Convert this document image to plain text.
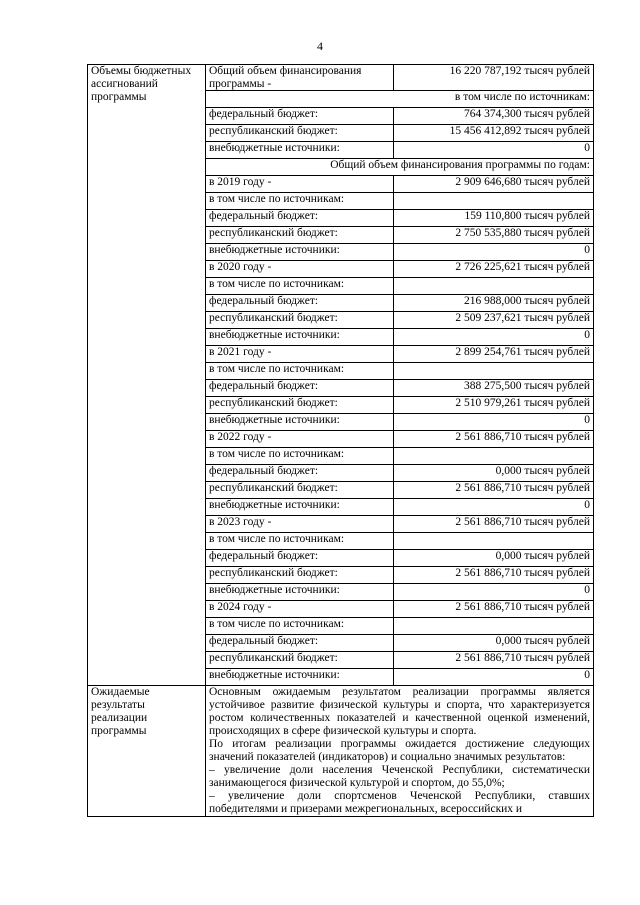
4
Объемы бюджетных ассигнований программы	Общий объем финансирования программы -	16 220 787,192 тысяч рублей
	в том числе по источникам:	
	федеральный бюджет:	764 374,300 тысяч рублей
	республиканский бюджет:	15 456 412,892 тысяч рублей
	внебюджетные источники:	0
	Общий объем финансирования программы по годам:	
	в 2019 году -	2 909 646,680 тысяч рублей
	в том числе по источникам:	
	федеральный бюджет:	159 110,800 тысяч рублей
	республиканский бюджет:	2 750 535,880 тысяч рублей
	внебюджетные источники:	0
	в 2020 году -	2 726 225,621 тысяч рублей
	в том числе по источникам:	
	федеральный бюджет:	216 988,000 тысяч рублей
	республиканский бюджет:	2 509 237,621 тысяч рублей
	внебюджетные источники:	0
	в 2021 году -	2 899 254,761 тысяч рублей
	в том числе по источникам:	
	федеральный бюджет:	388 275,500 тысяч рублей
	республиканский бюджет:	2 510 979,261 тысяч рублей
	внебюджетные источники:	0
	в 2022 году -	2 561 886,710 тысяч рублей
	в том числе по источникам:	
	федеральный бюджет:	0,000 тысяч рублей
	республиканский бюджет:	2 561 886,710 тысяч рублей
	внебюджетные источники:	0
	в 2023 году -	2 561 886,710 тысяч рублей
	в том числе по источникам:	
	федеральный бюджет:	0,000 тысяч рублей
	республиканский бюджет:	2 561 886,710 тысяч рублей
	внебюджетные источники:	0
	в 2024 году -	2 561 886,710 тысяч рублей
	в том числе по источникам:	
	федеральный бюджет:	0,000 тысяч рублей
	республиканский бюджет:	2 561 886,710 тысяч рублей
	внебюджетные источники:	0
Ожидаемые результаты реализации программы	Основным ожидаемым результатом реализации программы является устойчивое развитие физической культуры и спорта, что характеризуется ростом количественных показателей и качественной оценкой изменений, происходящих в сфере физической культуры и спорта.

По итогам реализации программы ожидается достижение следующих значений показателей (индикаторов) и социально значимых результатов:

– увеличение доли населения Чеченской Республики, систематически занимающегося физической культурой и спортом, до 55,0%;

– увеличение доли спортсменов Чеченской Республики, ставших победителями и призерами межрегиональных, всероссийских и	
